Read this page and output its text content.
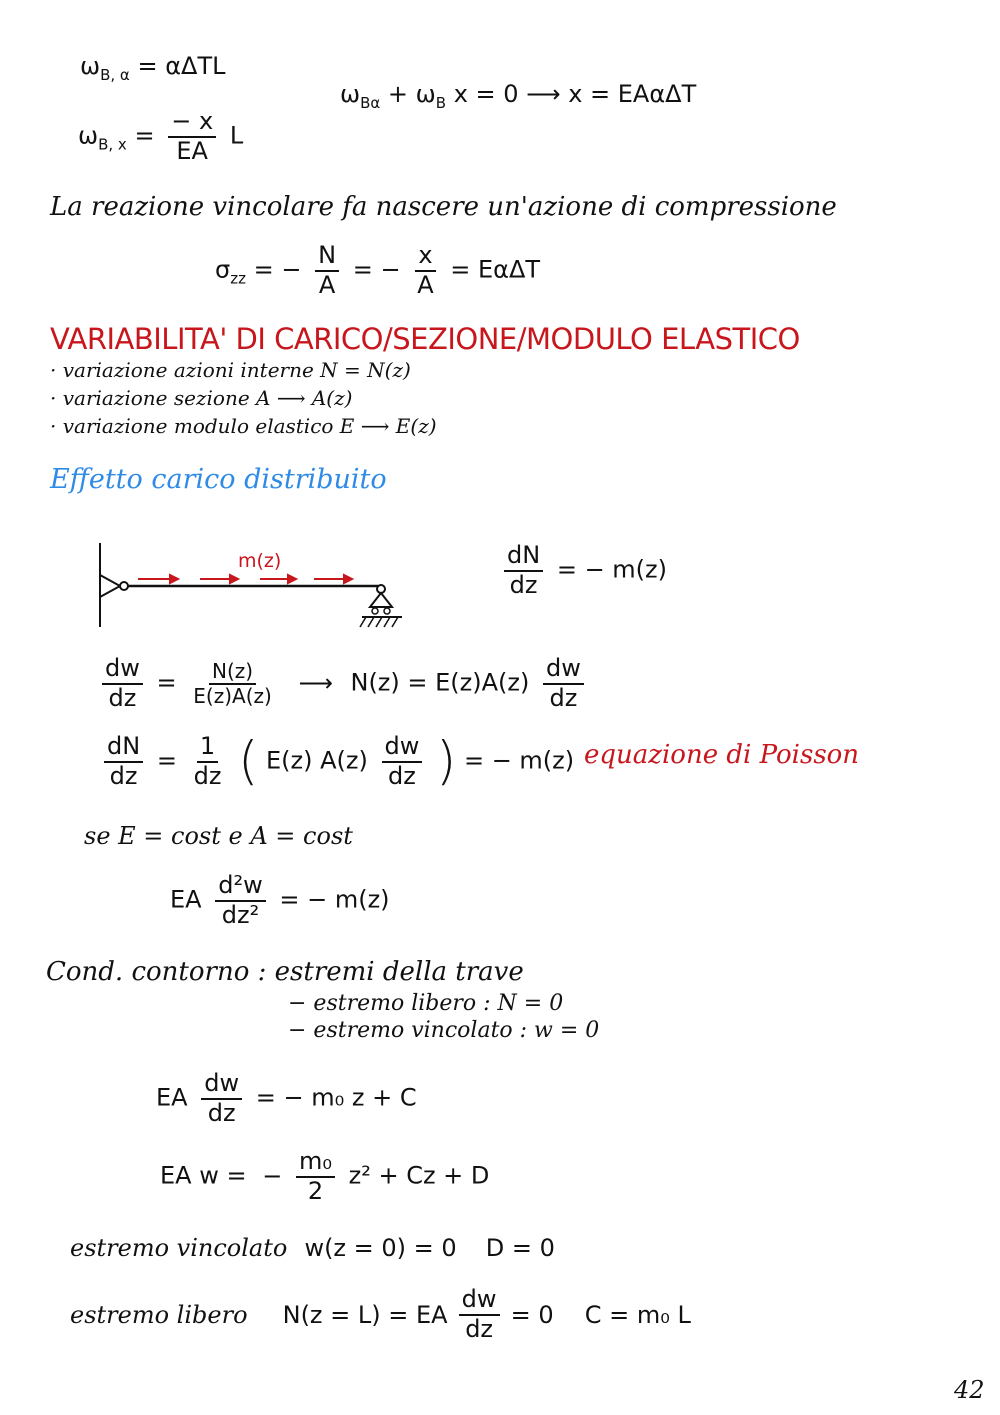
$\omega_{B, \alpha} = \alpha\Delta TL$
$\omega_{B, x} = \frac{- x}{EA}$ L
$\omega_{B\alpha} + \omega_B$ x = 0 ⟶ x = EAαΔT
La reazione vincolare fa nascere un'azione di compressione
$\sigma_{zz}$ = − $\frac{N}{A}$ = − $\frac{x}{A} = E\alpha\Delta T$
VARIABILITA' DI CARICO/SEZIONE/MODULO ELASTICO
· variazione azioni interne N = N(z)
· variazione sezione A ⟶ A(z)
· variazione modulo elastico E ⟶ E(z)
Effetto carico distribuito
m(z)	$\frac{dN}{dz}$ = − m(z)
$\frac{dw}{dz} = \frac{N(z)}{E(z)A(z)}$ ⟶ $N(z) = E(z)A(z) \frac{dw}{dz}$
$\frac{dN}{dz} = \frac{1}{dz}$ ( E(z) $A(z) \frac{dw}{dz}$ ) = − m(z) equazione di Poisson
se E = cost e A = cost
EA $\frac{\text{d²w}}{\text{dz²}}$ = − m(z)
Cond. contorno : estremi della trave
− estremo libero : N = 0
− estremo vincolato : w = 0
EA $\frac{dw}{dz}$ = − m₀ z + C
EA w = − $\frac{\text{m₀}}{2} z^2 + Cz + D$
estremo vincolato w(z = 0) = 0 D = 0
estremo libero N(z = L) = EA $\frac{dw}{dz} = 0$ C = m₀ L
42
